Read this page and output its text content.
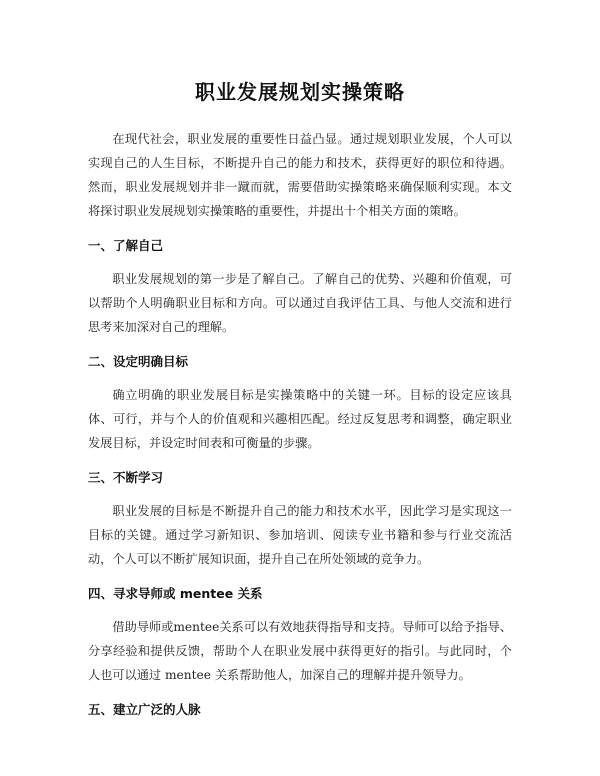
职业发展规划实操策略

在现代社会，职业发展的重要性日益凸显。通过规划职业发展，个人可以实现自己的人生目标，不断提升自己的能力和技术，获得更好的职位和待遇。然而，职业发展规划并非一蹴而就，需要借助实操策略来确保顺利实现。本文将探讨职业发展规划实操策略的重要性，并提出十个相关方面的策略。

一、了解自己

职业发展规划的第一步是了解自己。了解自己的优势、兴趣和价值观，可以帮助个人明确职业目标和方向。可以通过自我评估工具、与他人交流和进行思考来加深对自己的理解。

二、设定明确目标

确立明确的职业发展目标是实操策略中的关键一环。目标的设定应该具体、可行，并与个人的价值观和兴趣相匹配。经过反复思考和调整，确定职业发展目标，并设定时间表和可衡量的步骤。

三、不断学习

职业发展的目标是不断提升自己的能力和技术水平，因此学习是实现这一目标的关键。通过学习新知识、参加培训、阅读专业书籍和参与行业交流活动，个人可以不断扩展知识面，提升自己在所处领域的竞争力。

四、寻求导师或 mentee 关系

借助导师或mentee关系可以有效地获得指导和支持。导师可以给予指导、分享经验和提供反馈，帮助个人在职业发展中获得更好的指引。与此同时，个人也可以通过 mentee 关系帮助他人，加深自己的理解并提升领导力。

五、建立广泛的人脉
